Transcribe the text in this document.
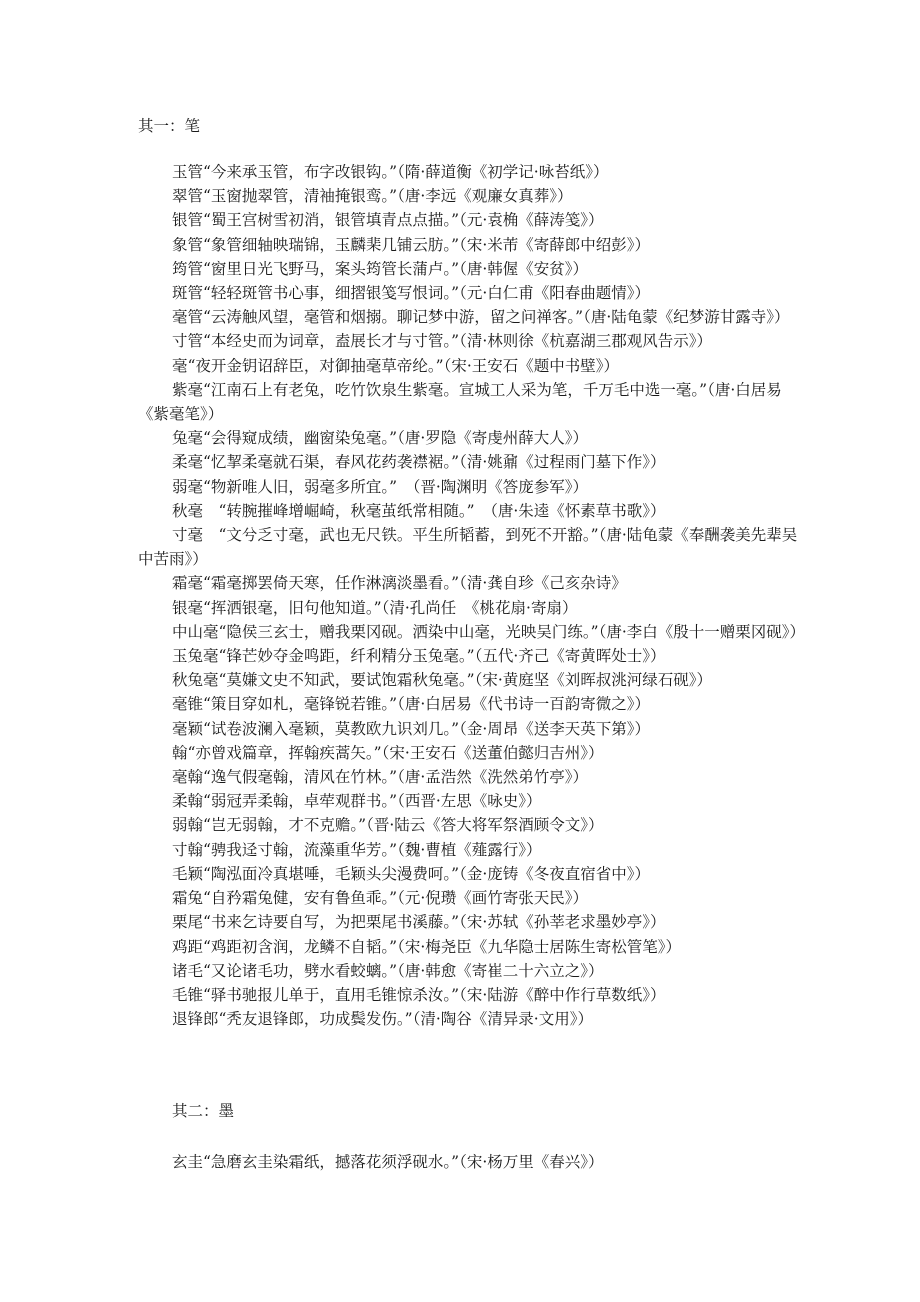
其一：笔

玉管“今来承玉管，布字改银钩。”（隋·薛道衡《初学记·咏苔纸》）

翠管“玉窗抛翠管，清袖掩银鸾。”（唐·李远《观廉女真葬》）

银管“蜀王宫树雪初消，银管填青点点描。”（元·袁桷《薛涛笺》）

象管“象管细轴映瑞锦，玉麟棐几铺云肪。”（宋·米芾《寄薛郎中绍彭》）

筠管“窗里日光飞野马，案头筠管长蒲卢。”（唐·韩偓《安贫》）

斑管“轻轻斑管书心事，细摺银笺写恨词。”（元·白仁甫《阳春曲题情》）

毫管“云涛触风望，毫管和烟搦。聊记梦中游，留之问禅客。”（唐·陆龟蒙《纪梦游甘露寺》）

寸管“本经史而为词章，盍展长才与寸管。”（清·林则徐《杭嘉湖三郡观风告示》）

毫“夜开金钥诏辞臣，对御抽毫草帝纶。”（宋·王安石《题中书壁》）

紫毫“江南石上有老兔，吃竹饮泉生紫毫。宣城工人采为笔，千万毛中选一毫。”（唐·白居易《紫毫笔》）

兔毫“会得窥成绩，幽窗染兔毫。”（唐·罗隐《寄虔州薛大人》）

柔毫“忆挈柔毫就石渠，春风花药袭襟裾。”（清·姚鼐《过程雨门墓下作》）

弱毫“物新唯人旧，弱毫多所宜。”　（晋·陶渊明《答庞参军》）

秋毫　“转腕摧峰增崛崎，秋毫茧纸常相随。”　（唐·朱逵《怀素草书歌》）

寸毫　“文兮乏寸毫，武也无尺铁。平生所韬蓄，到死不开豁。”（唐·陆龟蒙《奉酬袭美先辈吴中苦雨》）

霜毫“霜毫掷罢倚天寒，任作淋漓淡墨看。”（清·龚自珍《己亥杂诗》

银毫“挥洒银毫，旧句他知道。”（清·孔尚任　《桃花扇·寄扇）

中山毫“隐侯三玄士，赠我栗冈砚。洒染中山毫，光映吴门练。”（唐·李白《殷十一赠栗冈砚》）

玉兔毫“锋芒妙夺金鸣距，纤利精分玉兔毫。”（五代·齐己《寄黄晖处士》）

秋兔毫“莫嫌文史不知武，要试饱霜秋兔毫。”（宋·黄庭坚《刘晖叔洮河绿石砚》）

毫锥“策目穿如札，毫锋锐若锥。”（唐·白居易《代书诗一百韵寄微之》）

毫颖“试卷波澜入毫颖，莫教欧九识刘几。”（金·周昂《送李天英下第》）

翰“亦曾戏篇章，挥翰疾蒿矢。”（宋·王安石《送董伯懿归吉州》）

毫翰“逸气假毫翰，清风在竹林。”（唐·孟浩然《洗然弟竹亭》）

柔翰“弱冠弄柔翰，卓荦观群书。”（西晋·左思《咏史》）

弱翰“岂无弱翰，才不克赡。”（晋·陆云《答大将军祭酒顾令文》）

寸翰“骋我迳寸翰，流藻重华芳。”（魏·曹植《薤露行》）

毛颖“陶泓面冷真堪唾，毛颖头尖漫费呵。”（金·庞铸《冬夜直宿省中》）

霜兔“自矜霜兔健，安有鲁鱼乖。”（元·倪瓒《画竹寄张天民》）

栗尾“书来乞诗要自写，为把栗尾书溪藤。”（宋·苏轼《孙莘老求墨妙亭》）

鸡距“鸡距初含润，龙鳞不自韬。”（宋·梅尧臣《九华隐士居陈生寄松管笔》）

诸毛“又论诸毛功，劈水看蛟螭。”（唐·韩愈《寄崔二十六立之》）

毛锥“驿书驰报儿单于，直用毛锥惊杀汝。”（宋·陆游《醉中作行草数纸》）

退锋郎“秃友退锋郎，功成鬓发伤。”（清·陶谷《清异录·文用》）

其二：墨

玄圭“急磨玄圭染霜纸，撼落花须浮砚水。”（宋·杨万里《春兴》）
